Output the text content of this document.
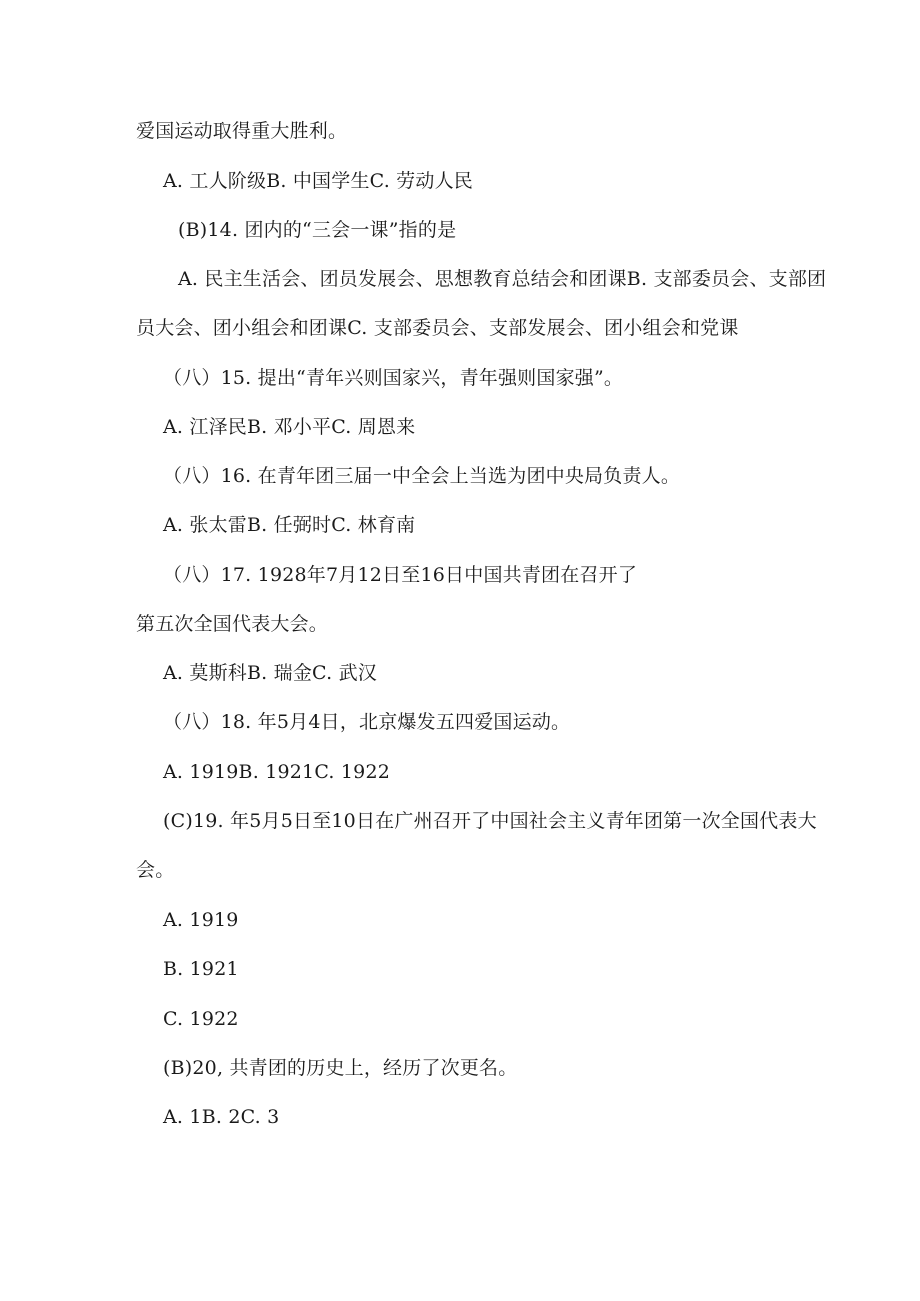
爱国运动取得重大胜利。
A. 工人阶级B. 中国学生C. 劳动人民
(B)14. 团内的“三会一课”指的是
A. 民主生活会、团员发展会、思想教育总结会和团课B. 支部委员会、支部团
员大会、团小组会和团课C. 支部委员会、支部发展会、团小组会和党课
（八）15. 提出“青年兴则国家兴，青年强则国家强”。
A. 江泽民B. 邓小平C. 周恩来
（八）16. 在青年团三届一中全会上当选为团中央局负责人。
A. 张太雷B. 任弼时C. 林育南
（八）17. 1928年7月12日至16日中国共青团在召开了
第五次全国代表大会。
A. 莫斯科B. 瑞金C. 武汉
（八）18. 年5月4日，北京爆发五四爱国运动。
A. 1919B. 1921C. 1922
(C)19. 年5月5日至10日在广州召开了中国社会主义青年团第一次全国代表大
会。
A. 1919
B. 1921
C. 1922
(B)20, 共青团的历史上，经历了次更名。
A. 1B. 2C. 3
